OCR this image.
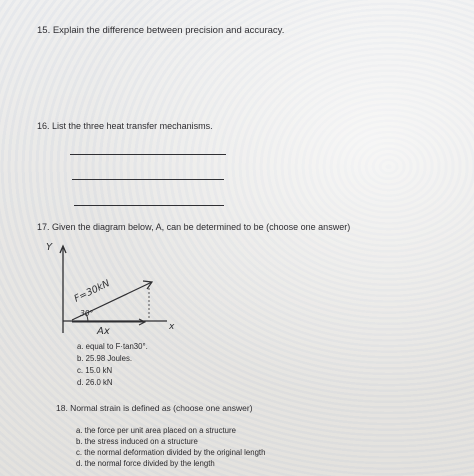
15. Explain the difference between precision and accuracy.
16. List the three heat transfer mechanisms.
17. Given the diagram below, A, can be determined to be (choose one answer)
Y
x
F=30kN
30°
Ax
a. equal to F·tan30°.
b. 25.98 Joules.
c. 15.0 kN
d. 26.0 kN
18. Normal strain is defined as (choose one answer)
a. the force per unit area placed on a structure
b. the stress induced on a structure
c. the normal deformation divided by the original length
d. the normal force divided by the length
